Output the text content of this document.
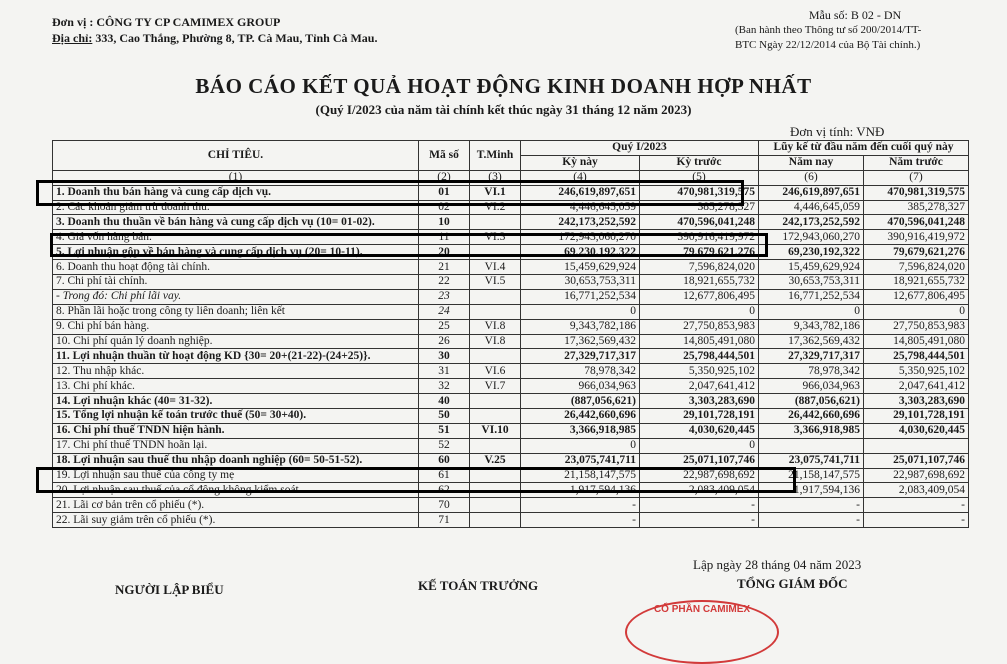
Đơn vị : CÔNG TY CP CAMIMEX GROUP
Địa chỉ: 333, Cao Thắng, Phường 8, TP. Cà Mau, Tỉnh Cà Mau.
Mẫu số: B 02 - DN
(Ban hành theo Thông tư số 200/2014/TT-
BTC Ngày 22/12/2014 của Bộ Tài chính.)
BÁO CÁO KẾT QUẢ HOẠT ĐỘNG KINH DOANH HỢP NHẤT
(Quý I/2023 của năm tài chính kết thúc ngày 31 tháng 12 năm 2023)
Đơn vị tính: VNĐ
CHỈ TIÊU.	Mã số	T.Minh	Quý I/2023		Lũy kế từ đầu năm đến cuối quý này	
			Kỳ này	Kỳ trước	Năm nay	Năm trước
(1)	(2)	(3)	(4)	(5)	(6)	(7)
1. Doanh thu bán hàng và cung cấp dịch vụ.	01	VI.1	246,619,897,651	470,981,319,575	246,619,897,651	470,981,319,575
2. Các khoản giảm trừ doanh thu.	02	VI.2	4,446,645,059	385,278,327	4,446,645,059	385,278,327
3. Doanh thu thuần về bán hàng và cung cấp dịch vụ (10= 01-02).	10		242,173,252,592	470,596,041,248	242,173,252,592	470,596,041,248
4. Giá vốn hàng bán.	11	VI.3	172,943,060,270	390,916,419,972	172,943,060,270	390,916,419,972
5. Lợi nhuận gộp về bán hàng và cung cấp dịch vụ (20= 10-11).	20		69,230,192,322	79,679,621,276	69,230,192,322	79,679,621,276
6. Doanh thu hoạt động tài chính.	21	VI.4	15,459,629,924	7,596,824,020	15,459,629,924	7,596,824,020
7. Chi phí tài chính.	22	VI.5	30,653,753,311	18,921,655,732	30,653,753,311	18,921,655,732
- Trong đó: Chi phí lãi vay.	23		16,771,252,534	12,677,806,495	16,771,252,534	12,677,806,495
8. Phần lãi hoặc trong công ty liên doanh; liên kết	24		0	0	0	0
9. Chi phí bán hàng.	25	VI.8	9,343,782,186	27,750,853,983	9,343,782,186	27,750,853,983
10. Chi phí quản lý doanh nghiệp.	26	VI.8	17,362,569,432	14,805,491,080	17,362,569,432	14,805,491,080
11. Lợi nhuận thuần từ hoạt động KD {30= 20+(21-22)-(24+25)}.	30		27,329,717,317	25,798,444,501	27,329,717,317	25,798,444,501
12. Thu nhập khác.	31	VI.6	78,978,342	5,350,925,102	78,978,342	5,350,925,102
13. Chi phí khác.	32	VI.7	966,034,963	2,047,641,412	966,034,963	2,047,641,412
14. Lợi nhuận khác (40= 31-32).	40		(887,056,621)	3,303,283,690	(887,056,621)	3,303,283,690
15. Tổng lợi nhuận kế toán trước thuế (50= 30+40).	50		26,442,660,696	29,101,728,191	26,442,660,696	29,101,728,191
16. Chi phí thuế TNDN hiện hành.	51	VI.10	3,366,918,985	4,030,620,445	3,366,918,985	4,030,620,445
17. Chi phí thuế TNDN hoãn lại.	52		0	0		
18. Lợi nhuận sau thuế thu nhập doanh nghiệp (60= 50-51-52).	60	V.25	23,075,741,711	25,071,107,746	23,075,741,711	25,071,107,746
19. Lợi nhuận sau thuế của công ty mẹ	61		21,158,147,575	22,987,698,692	21,158,147,575	22,987,698,692
20. Lợi nhuận sau thuế của cổ đông không kiểm soát	62		1,917,594,136	2,083,409,054	1,917,594,136	2,083,409,054
21. Lãi cơ bản trên cổ phiếu (*).	70		-	-	-	-
22. Lãi suy giảm trên cổ phiếu (*).	71		-	-	-	-
Lập ngày 28 tháng 04 năm 2023
NGƯỜI LẬP BIỂU	KẾ TOÁN TRƯỞNG	TỔNG GIÁM ĐỐC
CỔ PHẦN CAMIMEX
